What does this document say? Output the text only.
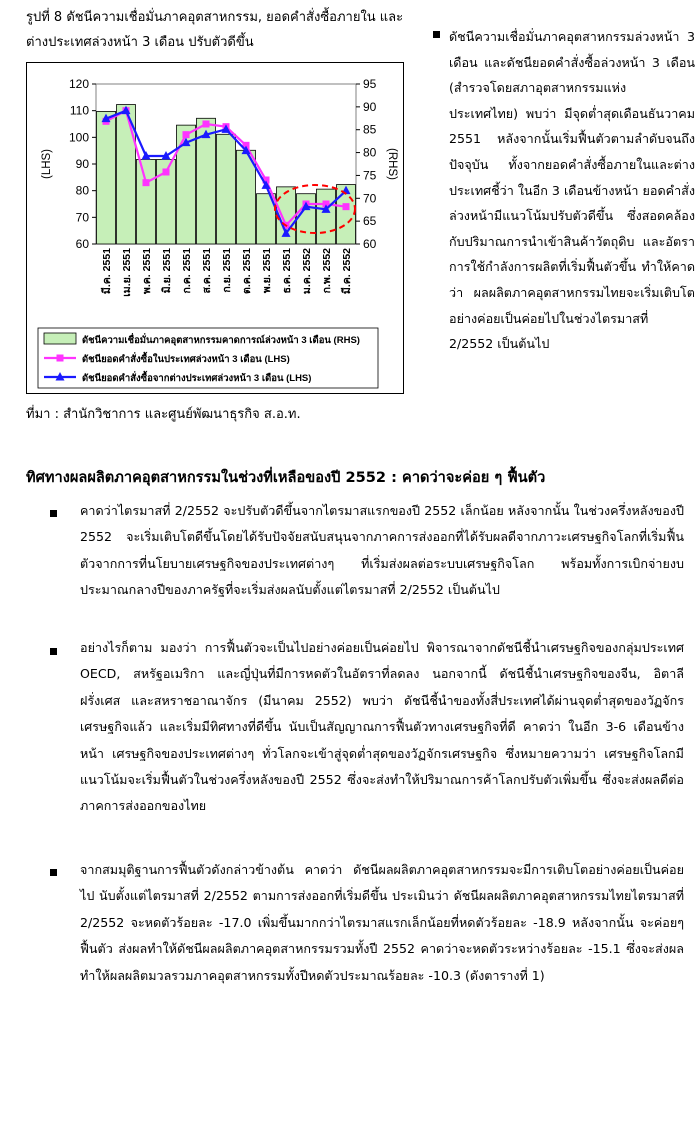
รูปที่ 8 ดัชนีความเชื่อมั่นภาคอุตสาหกรรม, ยอดคำสั่งซื้อภายใน และต่างประเทศล่วงหน้า 3 เดือน ปรับตัวดีขึ้น
60
70
80
90
100
110
120
60
65
70
75
80
85
90
95
(LHS)	(RHS)
มี.ค. 2551 เม.ย. 2551 พ.ค. 2551 มิ.ย. 2551 ก.ค. 2551 ส.ค. 2551 ก.ย. 2551 ต.ค. 2551 พ.ย. 2551 ธ.ค. 2551 ม.ค. 2552 ก.พ. 2552 มี.ค. 2552
ดัชนีความเชื่อมั่นภาคอุตสาหกรรมคาดการณ์ล่วงหน้า 3 เดือน (RHS)
ดัชนียอดคำสั่งซื้อในประเทศล่วงหน้า 3 เดือน (LHS)
ดัชนียอดคำสั่งซื้อจากต่างประเทศล่วงหน้า 3 เดือน (LHS)
ที่มา : สำนักวิชาการ และศูนย์พัฒนาธุรกิจ ส.อ.ท.

ดัชนีความเชื่อมั่นภาคอุตสาหกรรมล่วงหน้า 3 เดือน และดัชนียอดคำสั่งซื้อล่วงหน้า 3 เดือน (สำรวจโดยสภาอุตสาหกรรมแห่งประเทศไทย) พบว่า มีจุดต่ำสุดเดือนธันวาคม 2551 หลังจากนั้นเริ่มฟื้นตัวตามลำดับจนถึงปัจจุบัน ทั้งจากยอดคำสั่งซื้อภายในและต่างประเทศชี้ว่า ในอีก 3 เดือนข้างหน้า ยอดคำสั่งล่วงหน้ามีแนวโน้มปรับตัวดีขึ้น ซึ่งสอดคล้องกับปริมาณการนำเข้าสินค้าวัตถุดิบ และอัตราการใช้กำลังการผลิตที่เริ่มฟื้นตัวขึ้น ทำให้คาดว่า ผลผลิตภาคอุตสาหกรรมไทยจะเริ่มเติบโตอย่างค่อยเป็นค่อยไปในช่วงไตรมาสที่ 2/2552 เป็นต้นไป

ทิศทางผลผลิตภาคอุตสาหกรรมในช่วงที่เหลือของปี 2552 : คาดว่าจะค่อย ๆ ฟื้นตัว

คาดว่าไตรมาสที่ 2/2552 จะปรับตัวดีขึ้นจากไตรมาสแรกของปี 2552 เล็กน้อย หลังจากนั้น ในช่วงครึ่งหลังของปี 2552 จะเริ่มเติบโตดีขึ้นโดยได้รับปัจจัยสนับสนุนจากภาคการส่งออกที่ได้รับผลดีจากภาวะเศรษฐกิจโลกที่เริ่มฟื้นตัวจากการที่นโยบายเศรษฐกิจของประเทศต่างๆ ที่เริ่มส่งผลต่อระบบเศรษฐกิจโลก พร้อมทั้งการเบิกจ่ายงบประมาณกลางปีของภาครัฐที่จะเริ่มส่งผลนับตั้งแต่ไตรมาสที่ 2/2552 เป็นต้นไป

อย่างไรก็ตาม มองว่า การฟื้นตัวจะเป็นไปอย่างค่อยเป็นค่อยไป พิจารณาจากดัชนีชี้นำเศรษฐกิจของกลุ่มประเทศ OECD, สหรัฐอเมริกา และญี่ปุ่นที่มีการหดตัวในอัตราที่ลดลง นอกจากนี้ ดัชนีชี้นำเศรษฐกิจของจีน, อิตาลี ฝรั่งเศส และสหราชอาณาจักร (มีนาคม 2552) พบว่า ดัชนีชี้นำของทั้งสี่ประเทศได้ผ่านจุดต่ำสุดของวัฏจักรเศรษฐกิจแล้ว และเริ่มมีทิศทางที่ดีขึ้น นับเป็นสัญญาณการฟื้นตัวทางเศรษฐกิจที่ดี คาดว่า ในอีก 3-6 เดือนข้างหน้า เศรษฐกิจของประเทศต่างๆ ทั่วโลกจะเข้าสู่จุดต่ำสุดของวัฏจักรเศรษฐกิจ ซึ่งหมายความว่า เศรษฐกิจโลกมีแนวโน้มจะเริ่มฟื้นตัวในช่วงครึ่งหลังของปี 2552 ซึ่งจะส่งทำให้ปริมาณการค้าโลกปรับตัวเพิ่มขึ้น ซึ่งจะส่งผลดีต่อภาคการส่งออกของไทย

จากสมมุติฐานการฟื้นตัวดังกล่าวข้างต้น คาดว่า ดัชนีผลผลิตภาคอุตสาหกรรมจะมีการเติบโตอย่างค่อยเป็นค่อยไป นับตั้งแต่ไตรมาสที่ 2/2552 ตามการส่งออกที่เริ่มดีขึ้น ประเมินว่า ดัชนีผลผลิตภาคอุตสาหกรรมไทยไตรมาสที่ 2/2552 จะหดตัวร้อยละ -17.0 เพิ่มขึ้นมากกว่าไตรมาสแรกเล็กน้อยที่หดตัวร้อยละ -18.9 หลังจากนั้น จะค่อยๆ ฟื้นตัว ส่งผลทำให้ดัชนีผลผลิตภาคอุตสาหกรรมรวมทั้งปี 2552 คาดว่าจะหดตัวระหว่างร้อยละ -15.1 ซึ่งจะส่งผลทำให้ผลผลิตมวลรวมภาคอุตสาหกรรมทั้งปีหดตัวประมาณร้อยละ -10.3 (ดังตารางที่ 1)
